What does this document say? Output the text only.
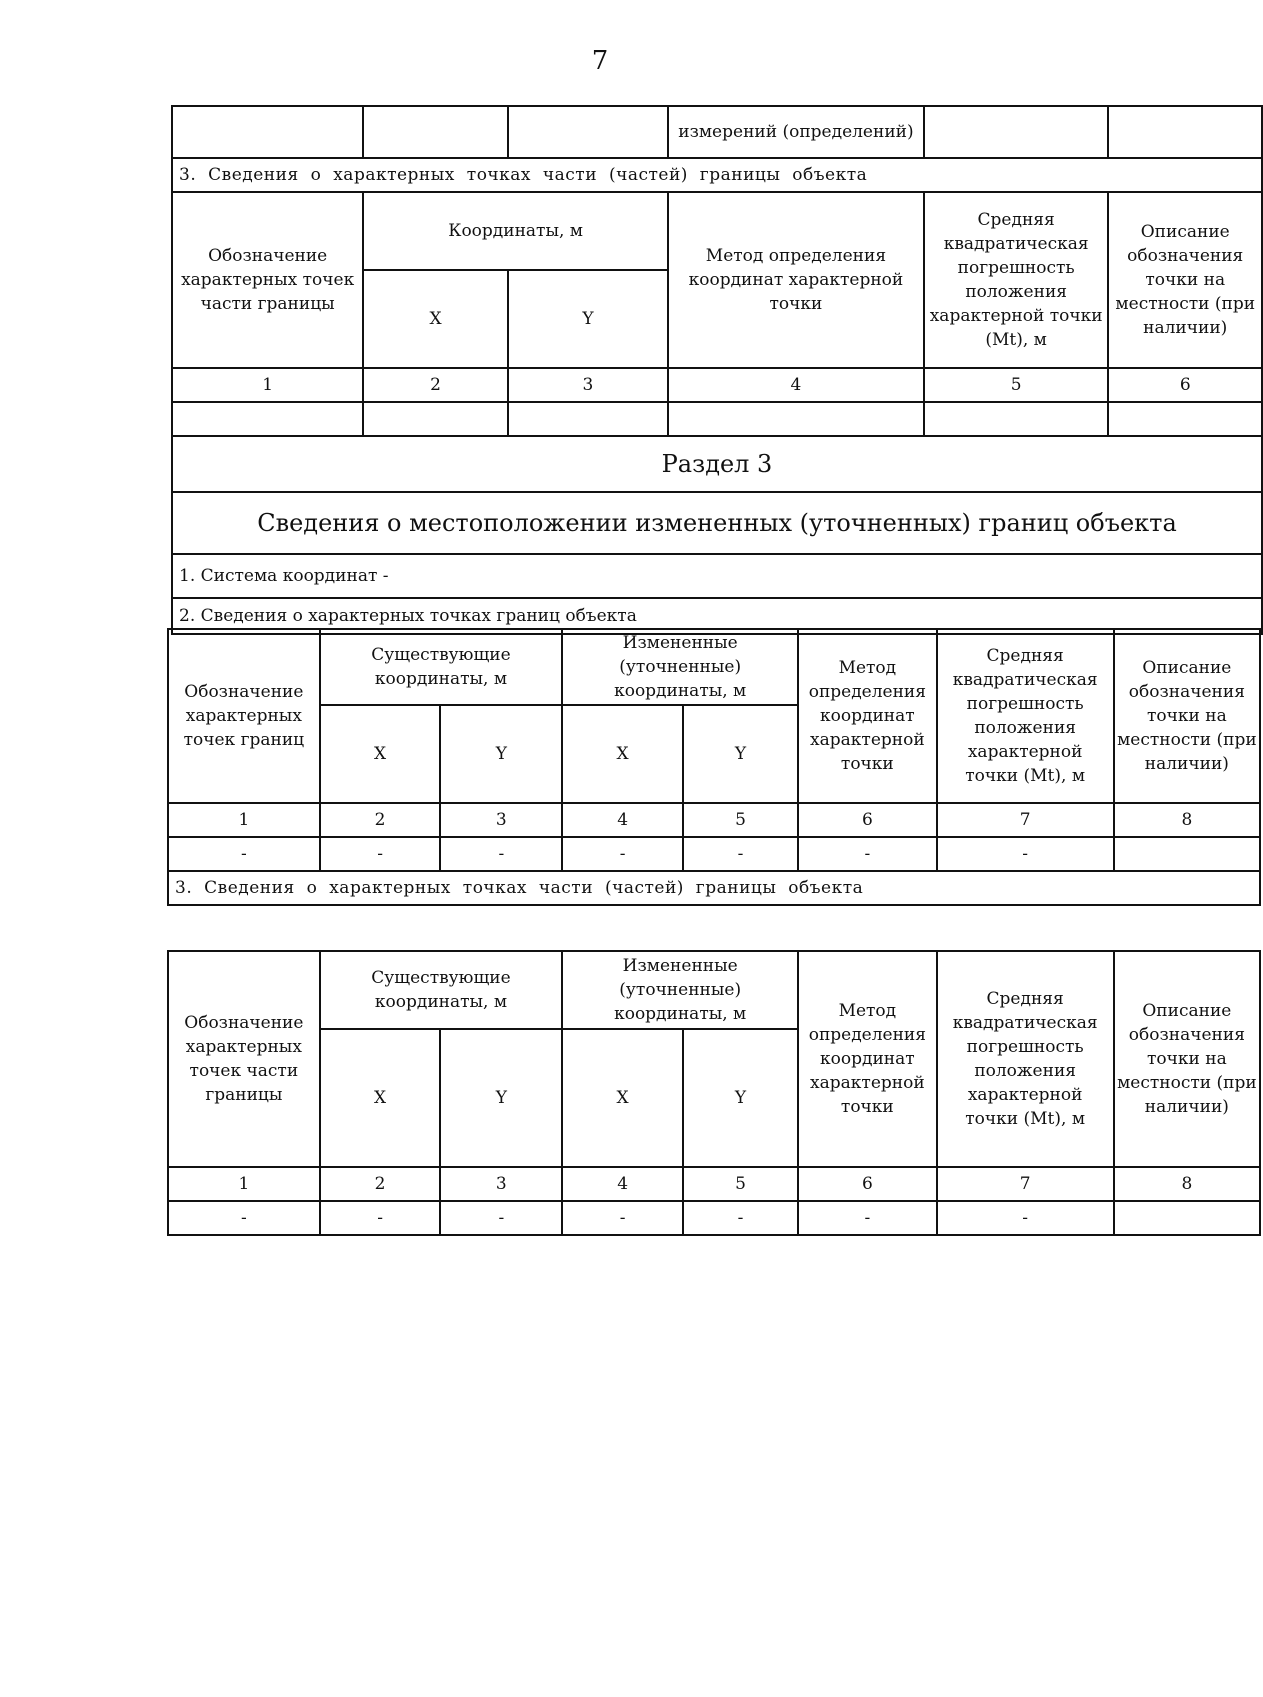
7
			измерений (определений)		
3. Сведения о характерных точках части (частей) границы объекта					
Обозначение характерных точек части границы	Координаты, м		Метод определения координат характерной точки	Средняя квадратическая погрешность положения характерной точки (Mt), м	Описание обозначения точки на местности (при наличии)
	X	Y			
1	2	3	4	5	6

Раздел 3					
Сведения о местоположении измененных (уточненных) границ объекта					
1. Система координат -					
2. Сведения о характерных точках границ объекта					
Обозначение характерных точек границ	Существующие координаты, м		Измененные (уточненные) координаты, м		Метод определения координат характерной точки	Средняя квадратическая погрешность положения характерной точки (Mt), м	Описание обозначения точки на местности (при наличии)
	X	Y	X	Y			
1	2	3	4	5	6	7	8
-	-	-	-	-	-	-	
3. Сведения о характерных точках части (частей) границы объекта							
Обозначение характерных точек части границы	Существующие координаты, м		Измененные (уточненные) координаты, м		Метод определения координат характерной точки	Средняя квадратическая погрешность положения характерной точки (Mt), м	Описание обозначения точки на местности (при наличии)
	X	Y	X	Y			
1	2	3	4	5	6	7	8
-	-	-	-	-	-	-	
